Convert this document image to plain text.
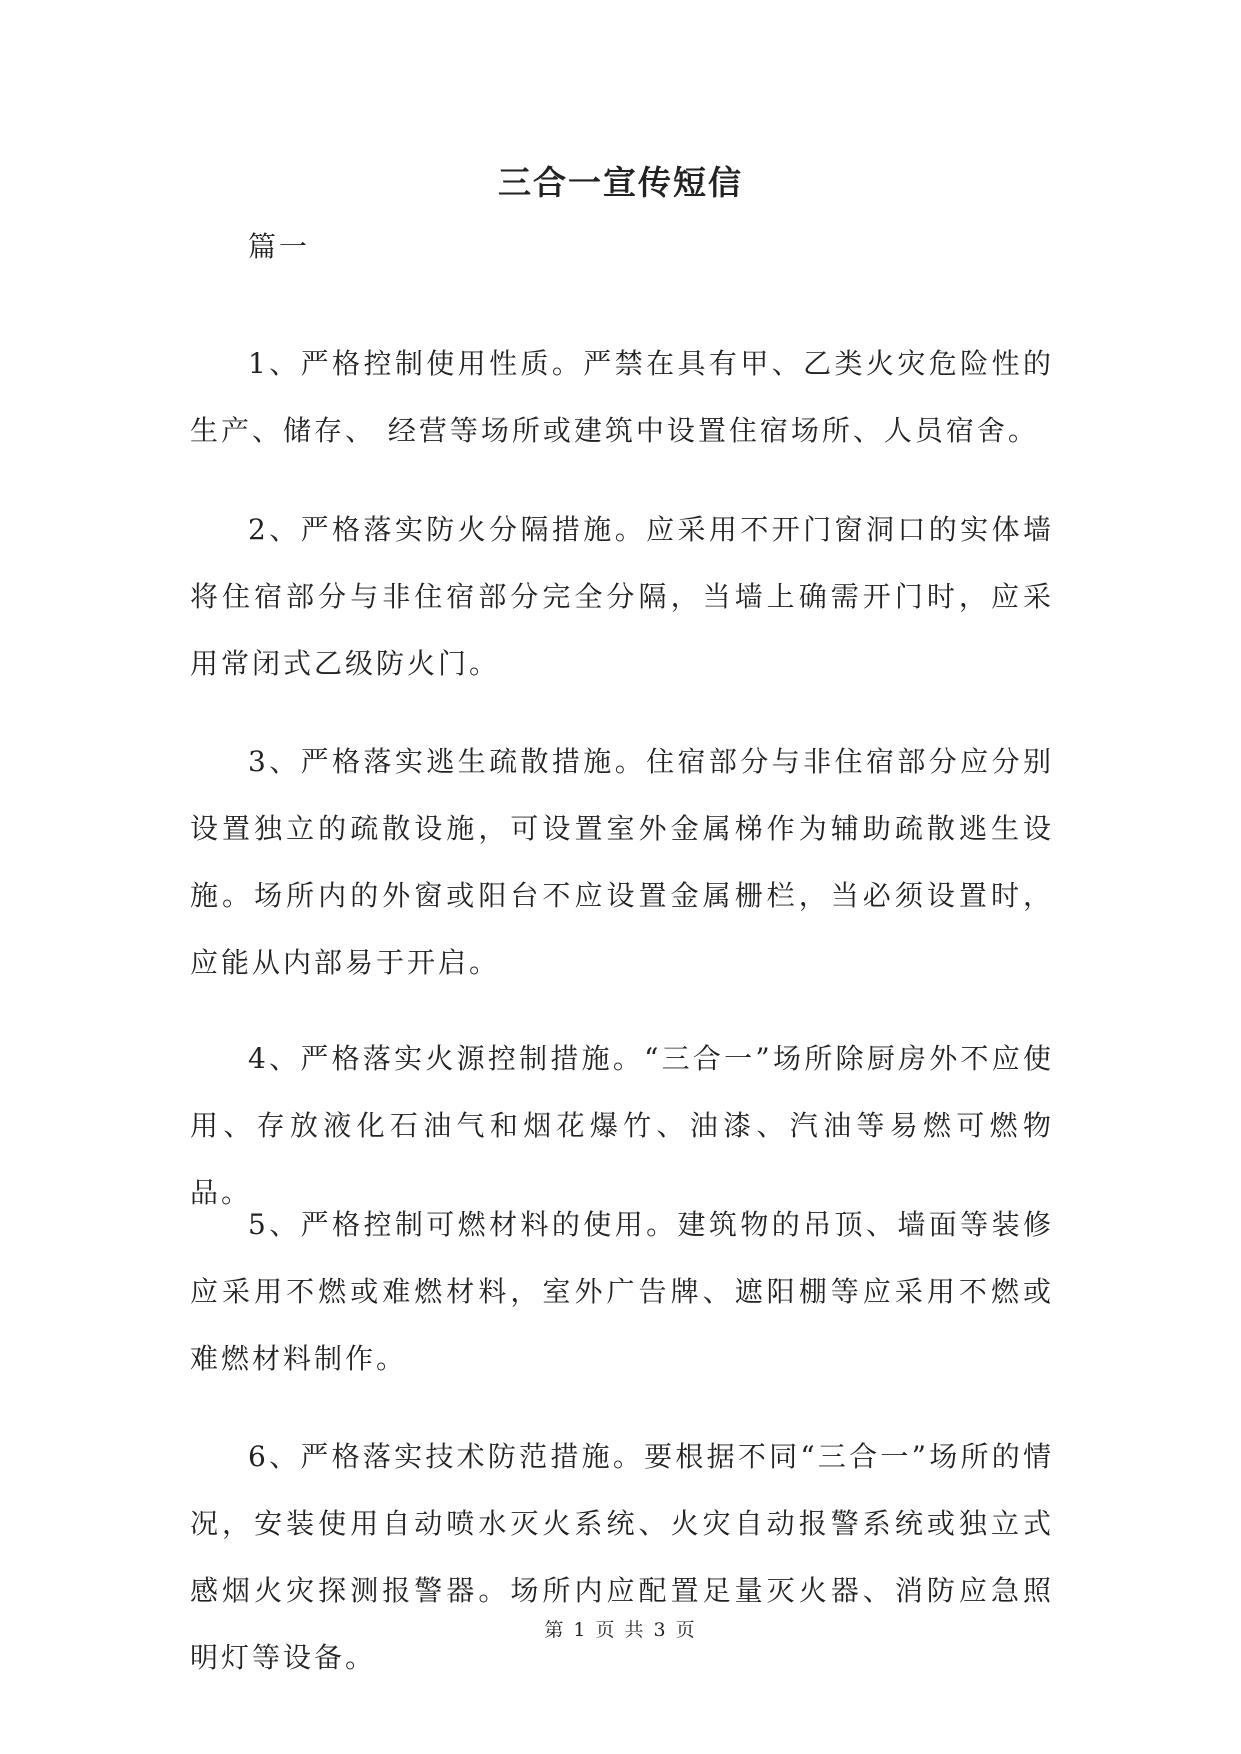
三合一宣传短信
篇一

1、严格控制使用性质。严禁在具有甲、乙类火灾危险性的生产、储存、 经营等场所或建筑中设置住宿场所、人员宿舍。

2、严格落实防火分隔措施。应采用不开门窗洞口的实体墙将住宿部分与非住宿部分完全分隔，当墙上确需开门时，应采用常闭式乙级防火门。

3、严格落实逃生疏散措施。住宿部分与非住宿部分应分别设置独立的疏散设施，可设置室外金属梯作为辅助疏散逃生设施。场所内的外窗或阳台不应设置金属栅栏，当必须设置时，应能从内部易于开启。

4、严格落实火源控制措施。“三合一”场所除厨房外不应使用、存放液化石油气和烟花爆竹、油漆、汽油等易燃可燃物品。

5、严格控制可燃材料的使用。建筑物的吊顶、墙面等装修应采用不燃或难燃材料，室外广告牌、遮阳棚等应采用不燃或难燃材料制作。

6、严格落实技术防范措施。要根据不同“三合一”场所的情况，安装使用自动喷水灭火系统、火灾自动报警系统或独立式感烟火灾探测报警器。场所内应配置足量灭火器、消防应急照明灯等设备。

第 1 页 共 3 页
